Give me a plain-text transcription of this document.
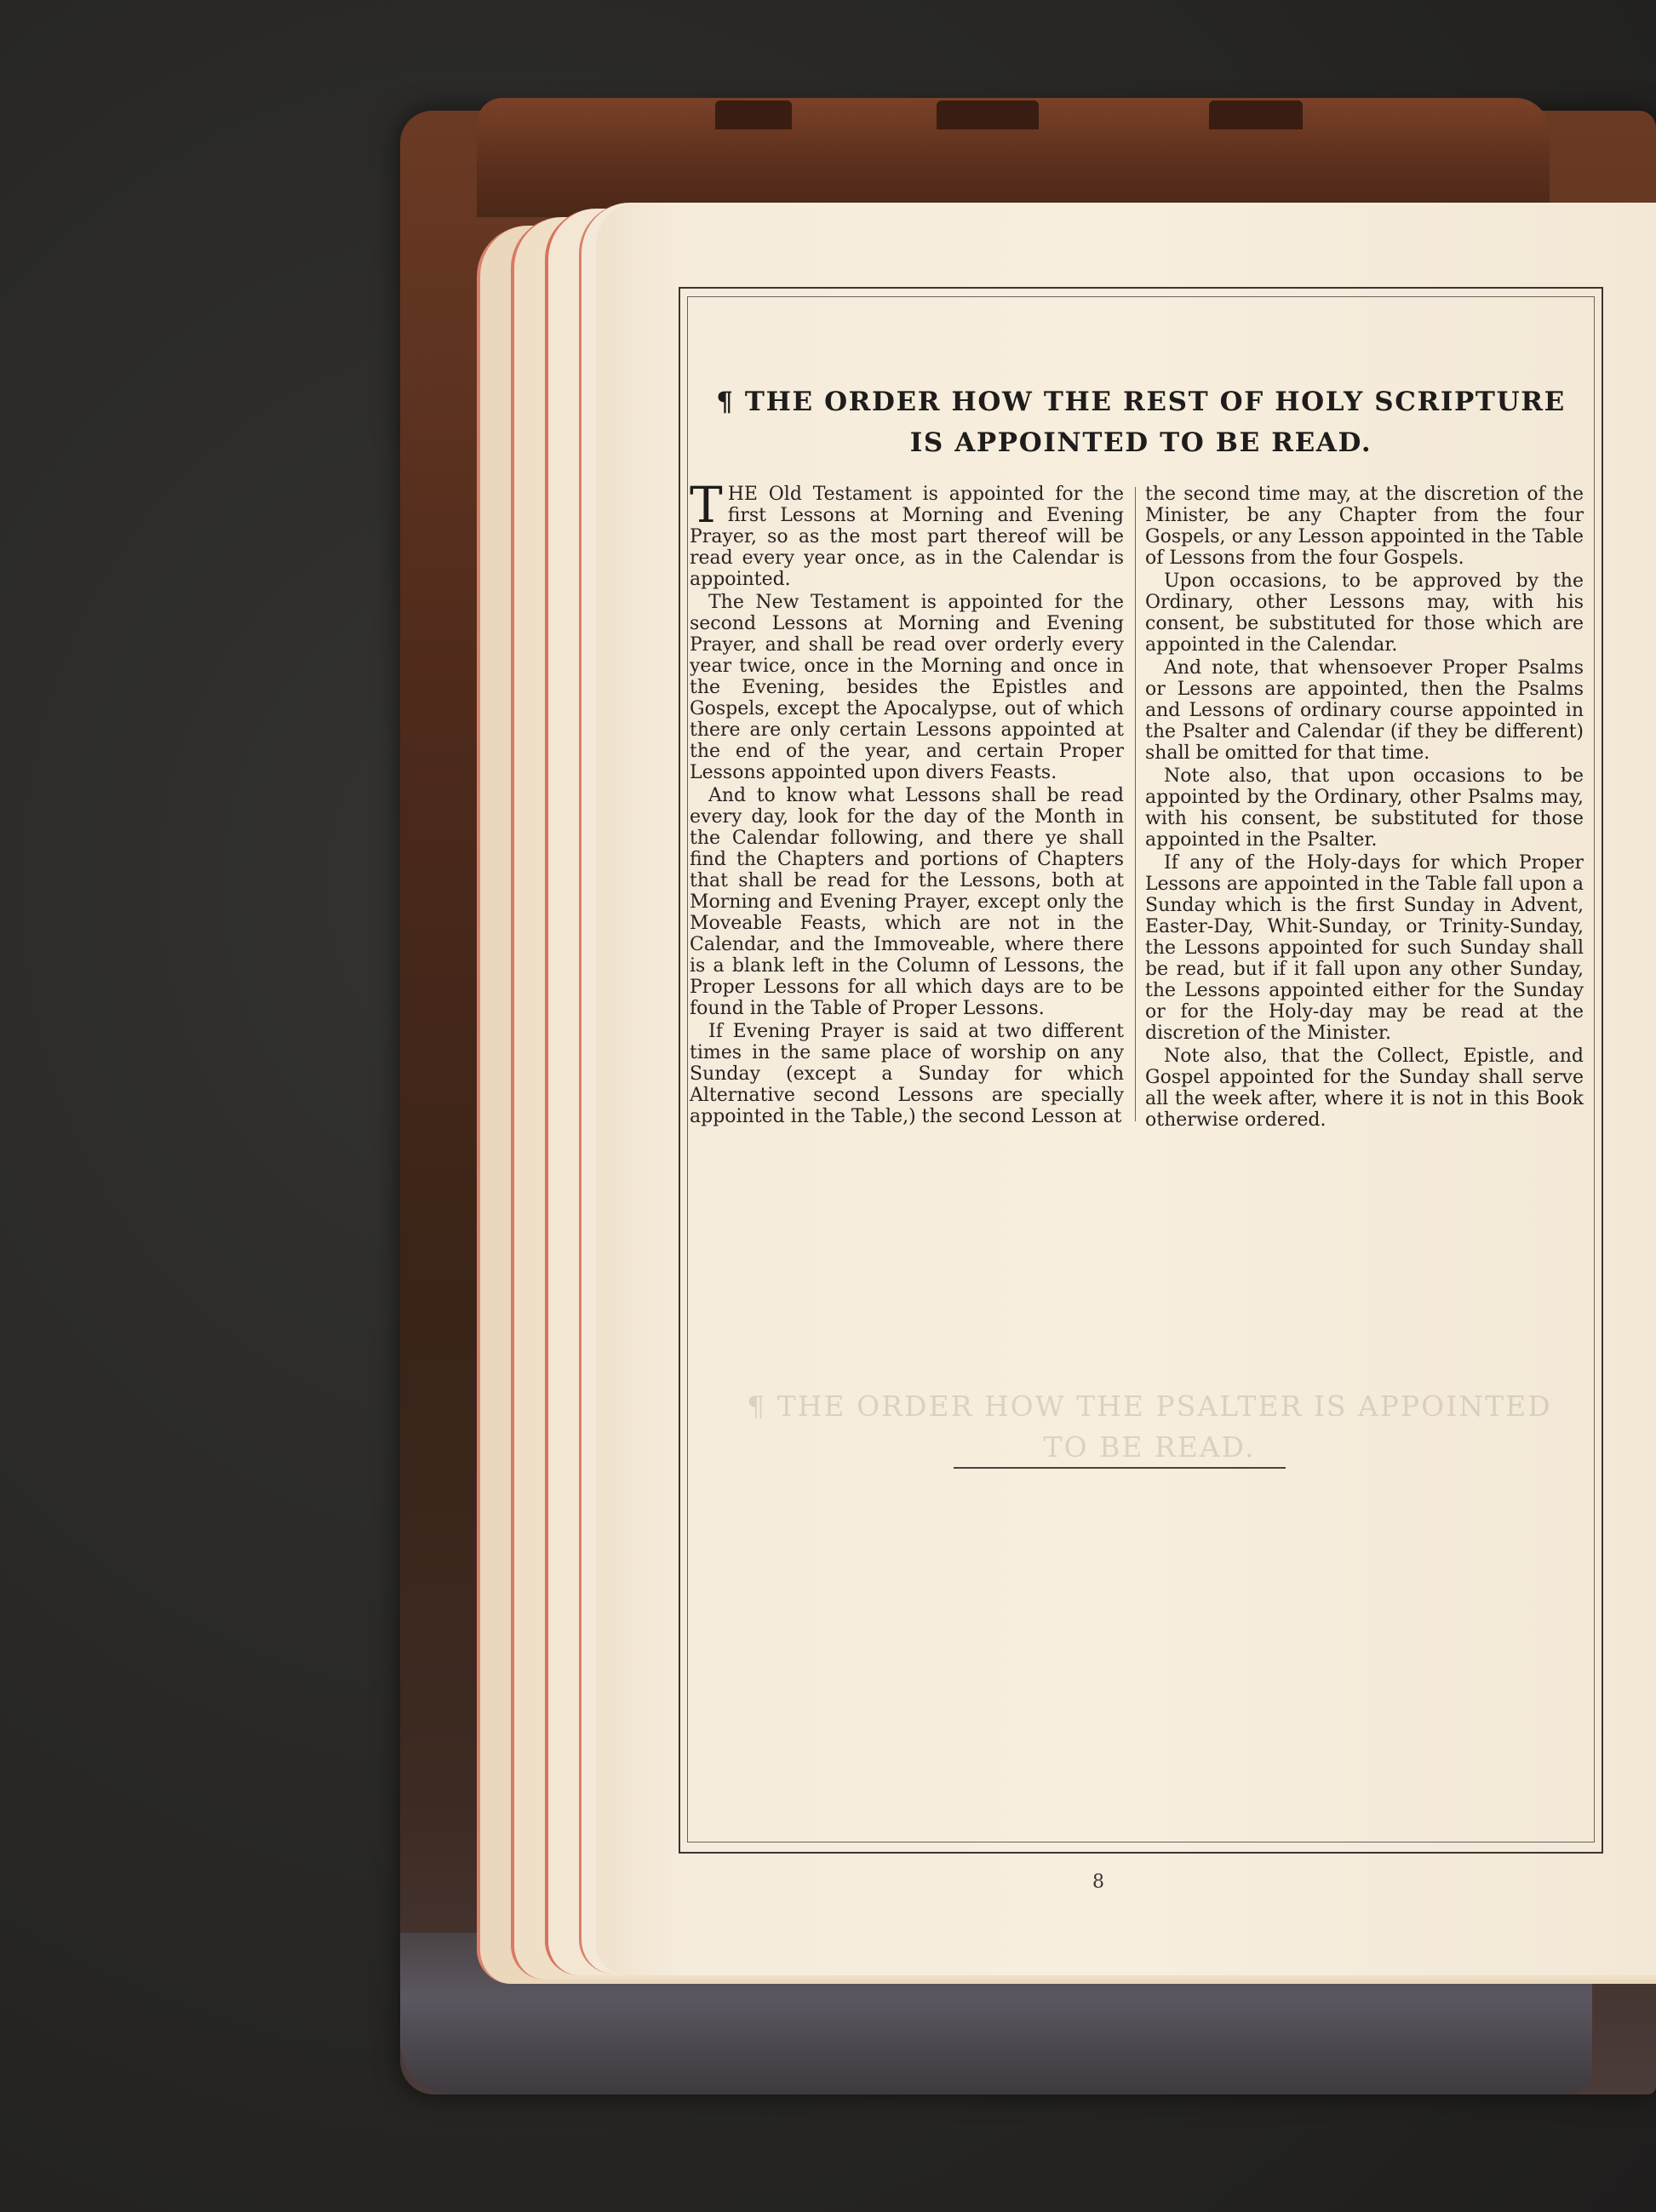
¶ THE ORDER HOW THE PSALTER IS APPOINTED
TO BE READ.
¶ THE ORDER HOW THE REST OF HOLY SCRIPTURE
IS APPOINTED TO BE READ.

THE Old Testament is appointed for the first Lessons at Morning and Evening Prayer, so as the most part thereof will be read every year once, as in the Calendar is appointed.

The New Testament is appointed for the second Lessons at Morning and Evening Prayer, and shall be read over orderly every year twice, once in the Morning and once in the Evening, besides the Epistles and Gospels, except the Apocalypse, out of which there are only certain Lessons appointed at the end of the year, and certain Proper Lessons appointed upon divers Feasts.

And to know what Lessons shall be read every day, look for the day of the Month in the Calendar following, and there ye shall find the Chapters and portions of Chapters that shall be read for the Lessons, both at Morning and Evening Prayer, except only the Moveable Feasts, which are not in the Calendar, and the Immoveable, where there is a blank left in the Column of Lessons, the Proper Lessons for all which days are to be found in the Table of Proper Lessons.

If Evening Prayer is said at two different times in the same place of worship on any Sunday (except a Sunday for which Alternative second Lessons are specially appointed in the Table,) the second Lesson at

the second time may, at the discretion of the Minister, be any Chapter from the four Gospels, or any Lesson appointed in the Table of Lessons from the four Gospels.

Upon occasions, to be approved by the Ordinary, other Lessons may, with his consent, be substituted for those which are appointed in the Calendar.

And note, that whensoever Proper Psalms or Lessons are appointed, then the Psalms and Lessons of ordinary course appointed in the Psalter and Calendar (if they be different) shall be omitted for that time.

Note also, that upon occasions to be appointed by the Ordinary, other Psalms may, with his consent, be substituted for those appointed in the Psalter.

If any of the Holy-days for which Proper Lessons are appointed in the Table fall upon a Sunday which is the first Sunday in Advent, Easter-Day, Whit-Sunday, or Trinity-Sunday, the Lessons appointed for such Sunday shall be read, but if it fall upon any other Sunday, the Lessons appointed either for the Sunday or for the Holy-day may be read at the discretion of the Minister.

Note also, that the Collect, Epistle, and Gospel appointed for the Sunday shall serve all the week after, where it is not in this Book otherwise ordered.

8
